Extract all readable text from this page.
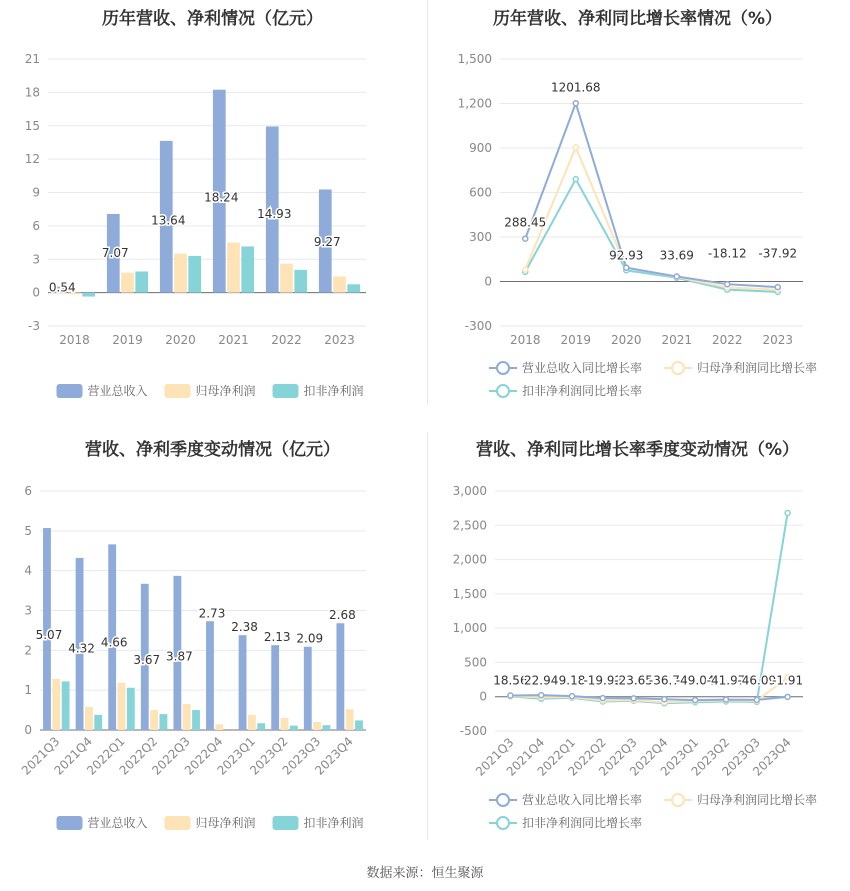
历年营收、净利情况（亿元）
-3
0
3
6
9
12
15
18
21
2018 2019 2020 2021 2022 2023
0.54
7.07
13.64
18.24
14.93
9.27
营业总收入	归母净利润	扣非净利润
历年营收、净利同比增长率情况（%）
-300
0
300
600
900
1,200
1,500
2018 2019 2020 2021 2022 2023
288.45
1201.68
92.93 33.69 -18.12 -37.92
营业总收入同比增长率	归母净利润同比增长率
扣非净利润同比增长率
营收、净利季度变动情况（亿元）
0
1
2
3
4
5
6
2021Q3
2021Q4
2022Q1
2022Q2
2022Q3
2022Q4
2023Q1
2023Q2
2023Q3
2023Q4
5.07
4.32 4.66
3.67 3.87
2.73
2.38
2.13 2.09
2.68
营业总收入	归母净利润	扣非净利润
营收、净利同比增长率季度变动情况（%）
-500
0
500
1,000
1,500
2,000
2,500
3,000
2021Q3
2021Q4
2022Q1
2022Q2
2022Q3
2022Q4
2023Q1
2023Q2
2023Q3
2023Q4
18.56
22.94 9.18
-19.92
-23.65
-36.7
-49.04
-41.97
-46.09
-1.91
营业总收入同比增长率	归母净利润同比增长率
扣非净利润同比增长率
数据来源：恒生聚源
